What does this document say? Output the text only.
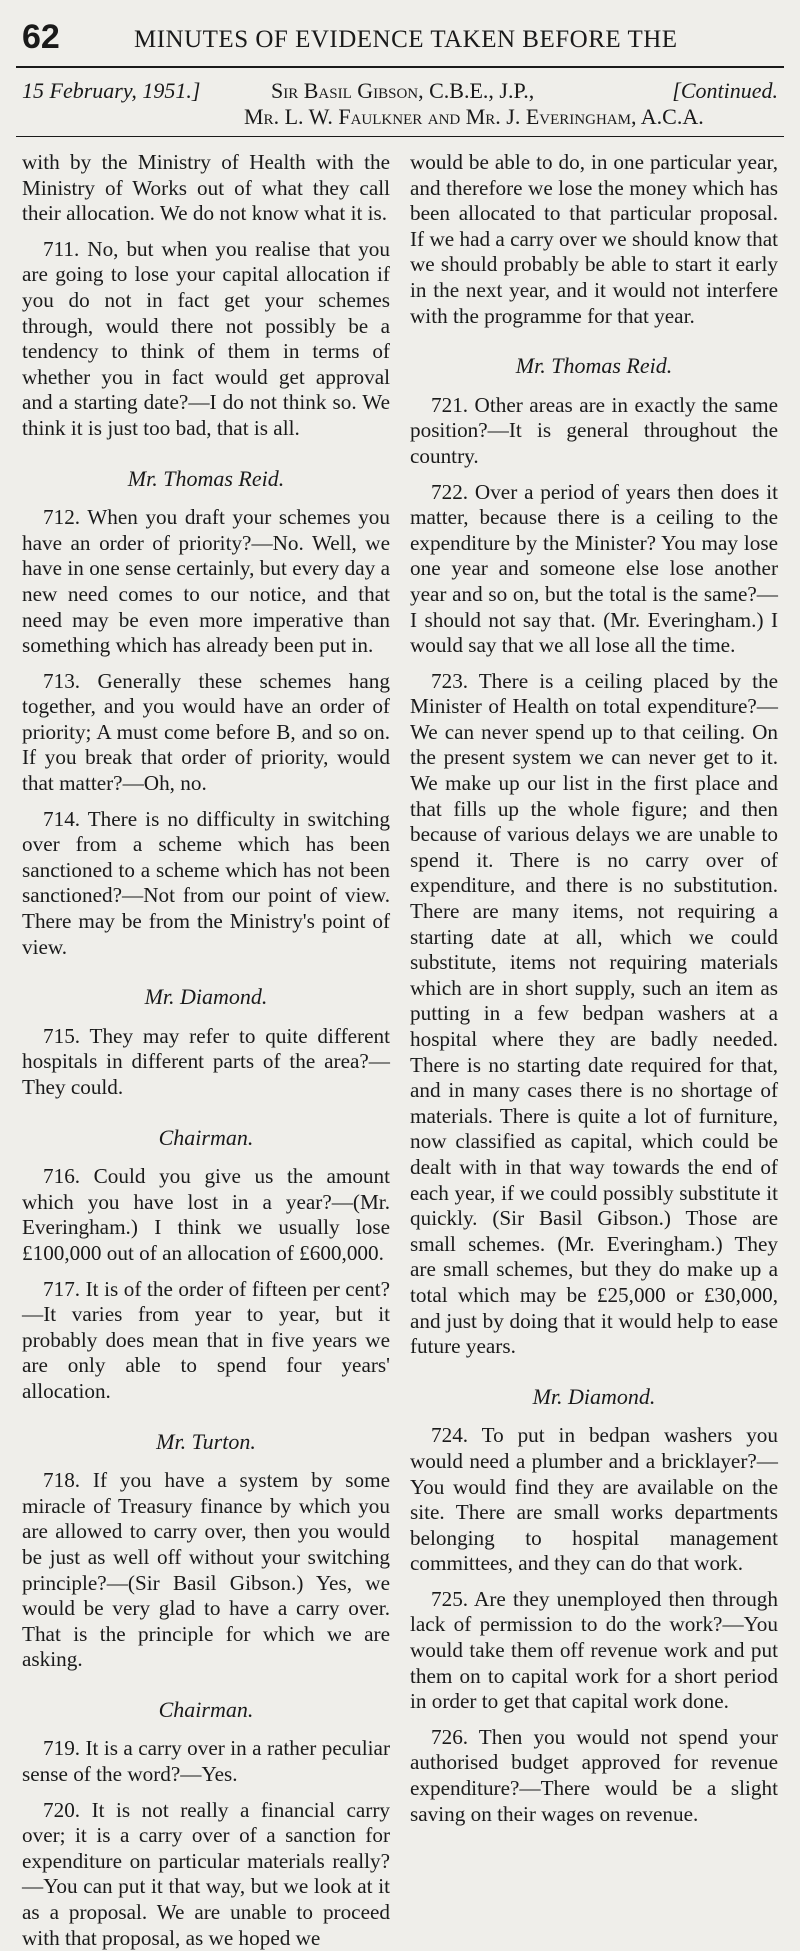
62	MINUTES OF EVIDENCE TAKEN BEFORE THE
15 February, 1951.]	Sir Basil Gibson, C.B.E., J.P.,	[Continued.
Mr. L. W. Faulkner and Mr. J. Everingham, A.C.A.

with by the Ministry of Health with the Ministry of Works out of what they call their allocation. We do not know what it is.

711. No, but when you realise that you are going to lose your capital allocation if you do not in fact get your schemes through, would there not possibly be a tendency to think of them in terms of whether you in fact would get approval and a starting date?—I do not think so. We think it is just too bad, that is all.

Mr. Thomas Reid.

712. When you draft your schemes you have an order of priority?—No. Well, we have in one sense certainly, but every day a new need comes to our notice, and that need may be even more imperative than something which has already been put in.

713. Generally these schemes hang together, and you would have an order of priority; A must come before B, and so on. If you break that order of priority, would that matter?—Oh, no.

714. There is no difficulty in switching over from a scheme which has been sanctioned to a scheme which has not been sanctioned?—Not from our point of view. There may be from the Ministry's point of view.

Mr. Diamond.

715. They may refer to quite different hospitals in different parts of the area?—They could.

Chairman.

716. Could you give us the amount which you have lost in a year?—(Mr. Everingham.) I think we usually lose £100,000 out of an allocation of £600,000.

717. It is of the order of fifteen per cent?—It varies from year to year, but it probably does mean that in five years we are only able to spend four years' allocation.

Mr. Turton.

718. If you have a system by some miracle of Treasury finance by which you are allowed to carry over, then you would be just as well off without your switching principle?—(Sir Basil Gibson.) Yes, we would be very glad to have a carry over. That is the principle for which we are asking.

Chairman.

719. It is a carry over in a rather peculiar sense of the word?—Yes.

720. It is not really a financial carry over; it is a carry over of a sanction for expenditure on particular materials really?—You can put it that way, but we look at it as a proposal. We are unable to proceed with that proposal, as we hoped we

would be able to do, in one particular year, and therefore we lose the money which has been allocated to that particular proposal. If we had a carry over we should know that we should probably be able to start it early in the next year, and it would not interfere with the programme for that year.

Mr. Thomas Reid.

721. Other areas are in exactly the same position?—It is general throughout the country.

722. Over a period of years then does it matter, because there is a ceiling to the expenditure by the Minister? You may lose one year and someone else lose another year and so on, but the total is the same?—I should not say that. (Mr. Everingham.) I would say that we all lose all the time.

723. There is a ceiling placed by the Minister of Health on total expenditure?—We can never spend up to that ceiling. On the present system we can never get to it. We make up our list in the first place and that fills up the whole figure; and then because of various delays we are unable to spend it. There is no carry over of expenditure, and there is no substitution. There are many items, not requiring a starting date at all, which we could substitute, items not requiring materials which are in short supply, such an item as putting in a few bedpan washers at a hospital where they are badly needed. There is no starting date required for that, and in many cases there is no shortage of materials. There is quite a lot of furniture, now classified as capital, which could be dealt with in that way towards the end of each year, if we could possibly substitute it quickly. (Sir Basil Gibson.) Those are small schemes. (Mr. Everingham.) They are small schemes, but they do make up a total which may be £25,000 or £30,000, and just by doing that it would help to ease future years.

Mr. Diamond.

724. To put in bedpan washers you would need a plumber and a bricklayer?—You would find they are available on the site. There are small works departments belonging to hospital management committees, and they can do that work.

725. Are they unemployed then through lack of permission to do the work?—You would take them off revenue work and put them on to capital work for a short period in order to get that capital work done.

726. Then you would not spend your authorised budget approved for revenue expenditure?—There would be a slight saving on their wages on revenue.
